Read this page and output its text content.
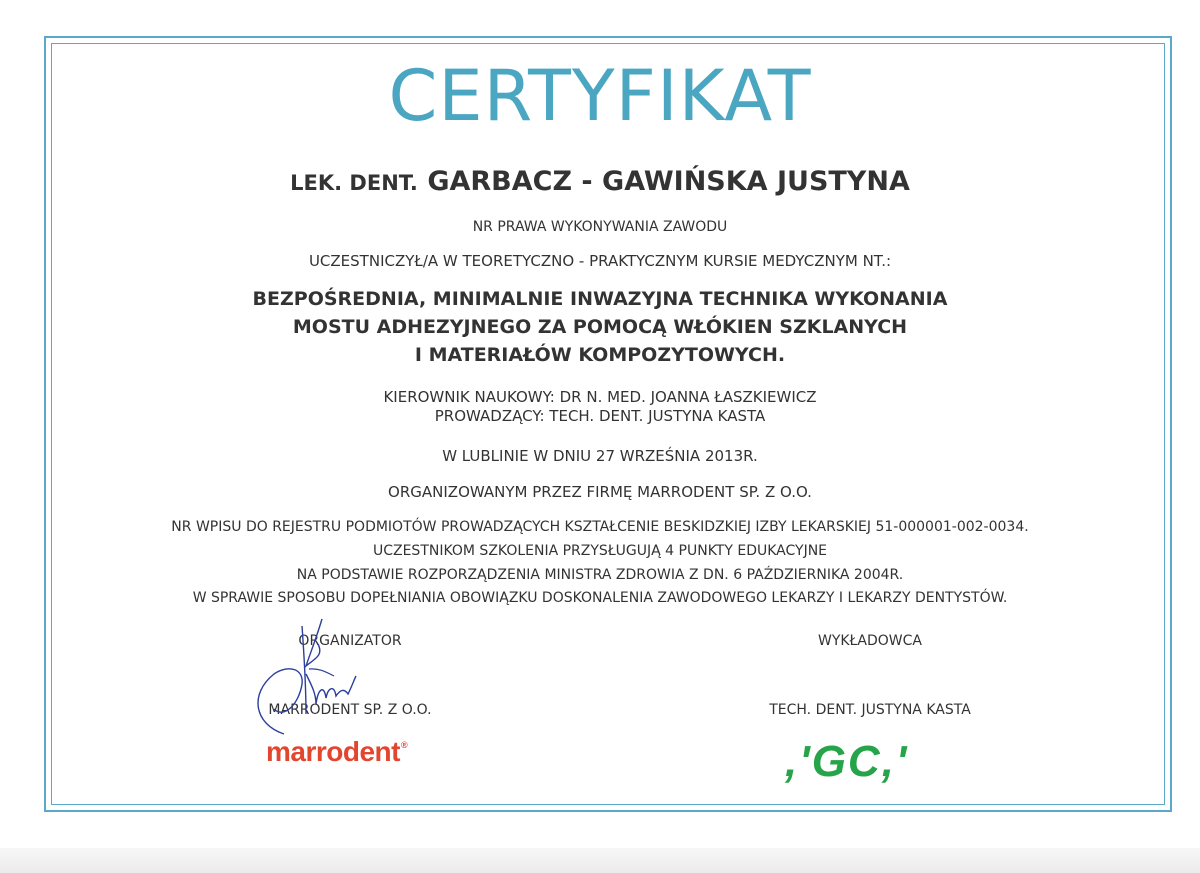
CERTYFIKAT
LEK. DENT. GARBACZ - GAWIŃSKA JUSTYNA
NR PRAWA WYKONYWANIA ZAWODU
UCZESTNICZYŁ/A W TEORETYCZNO - PRAKTYCZNYM KURSIE MEDYCZNYM NT.:
BEZPOŚREDNIA, MINIMALNIE INWAZYJNA TECHNIKA WYKONANIA
MOSTU ADHEZYJNEGO ZA POMOCĄ WŁÓKIEN SZKLANYCH
I MATERIAŁÓW KOMPOZYTOWYCH.
KIEROWNIK NAUKOWY: DR N. MED. JOANNA ŁASZKIEWICZ
PROWADZĄCY: TECH. DENT. JUSTYNA KASTA
W LUBLINIE W DNIU 27 WRZEŚNIA 2013R.
ORGANIZOWANYM PRZEZ FIRMĘ MARRODENT SP. Z O.O.
NR WPISU DO REJESTRU PODMIOTÓW PROWADZĄCYCH KSZTAŁCENIE BESKIDZKIEJ IZBY LEKARSKIEJ 51-000001-002-0034.
UCZESTNIKOM SZKOLENIA PRZYSŁUGUJĄ 4 PUNKTY EDUKACYJNE
NA PODSTAWIE ROZPORZĄDZENIA MINISTRA ZDROWIA Z DN. 6 PAŹDZIERNIKA 2004R.
W SPRAWIE SPOSOBU DOPEŁNIANIA OBOWIĄZKU DOSKONALENIA ZAWODOWEGO LEKARZY I LEKARZY DENTYSTÓW.
ORGANIZATOR
MARRODENT SP. Z O.O.
marrodent®
WYKŁADOWCA
TECH. DENT. JUSTYNA KASTA
,'GC,'
